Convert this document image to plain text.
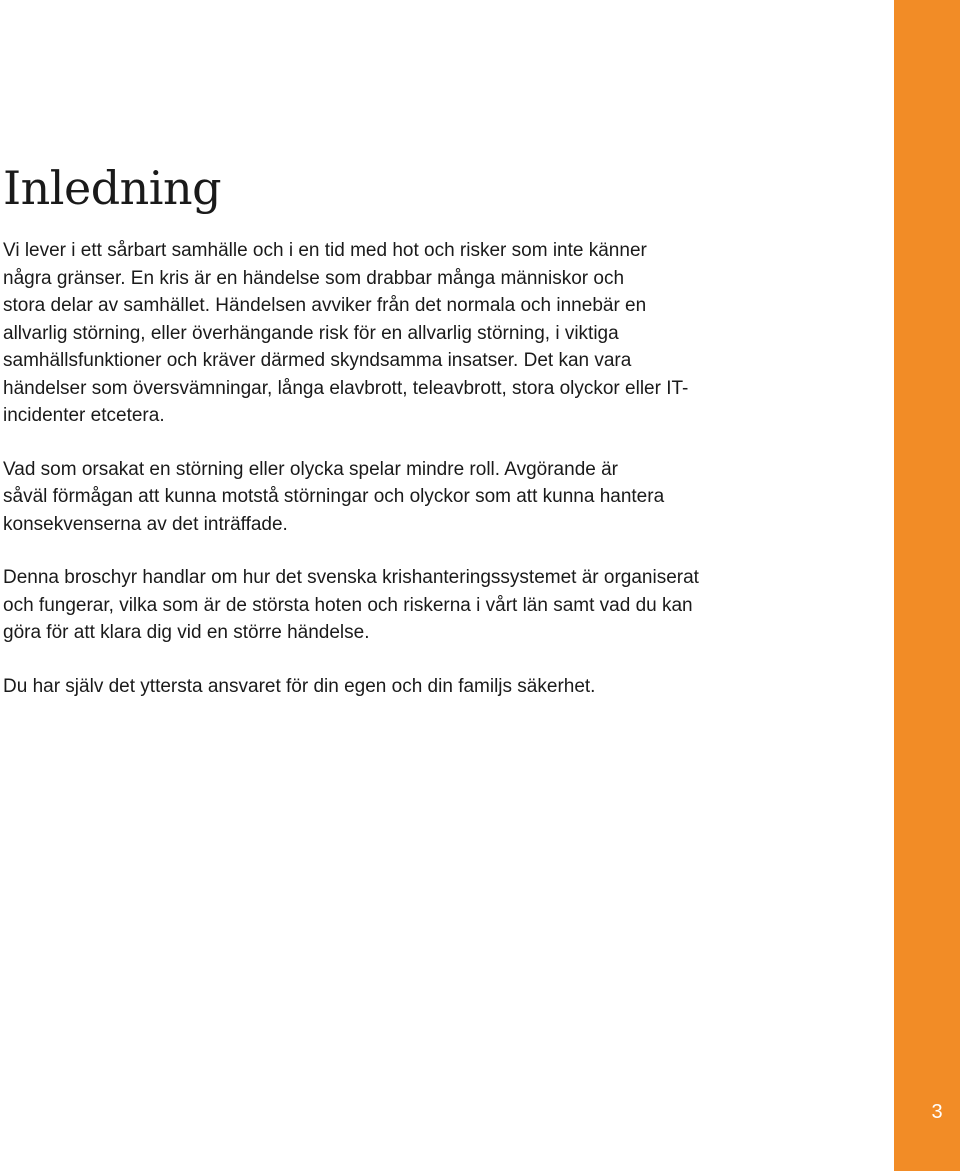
Inledning

Vi lever i ett sårbart samhälle och i en tid med hot och risker som inte känner
några gränser. En kris är en händelse som drabbar många människor och
stora delar av samhället. Händelsen avviker från det normala och innebär en
allvarlig störning, eller överhängande risk för en allvarlig störning, i viktiga
samhällsfunktioner och kräver därmed skyndsamma insatser. Det kan vara
händelser som översvämningar, långa elavbrott, teleavbrott, stora olyckor eller IT-
incidenter etcetera.

Vad som orsakat en störning eller olycka spelar mindre roll. Avgörande är
såväl förmågan att kunna motstå störningar och olyckor som att kunna hantera
konsekvenserna av det inträffade.

Denna broschyr handlar om hur det svenska krishanteringssystemet är organiserat
och fungerar, vilka som är de största hoten och riskerna i vårt län samt vad du kan
göra för att klara dig vid en större händelse.

Du har själv det yttersta ansvaret för din egen och din familjs säkerhet.

3
